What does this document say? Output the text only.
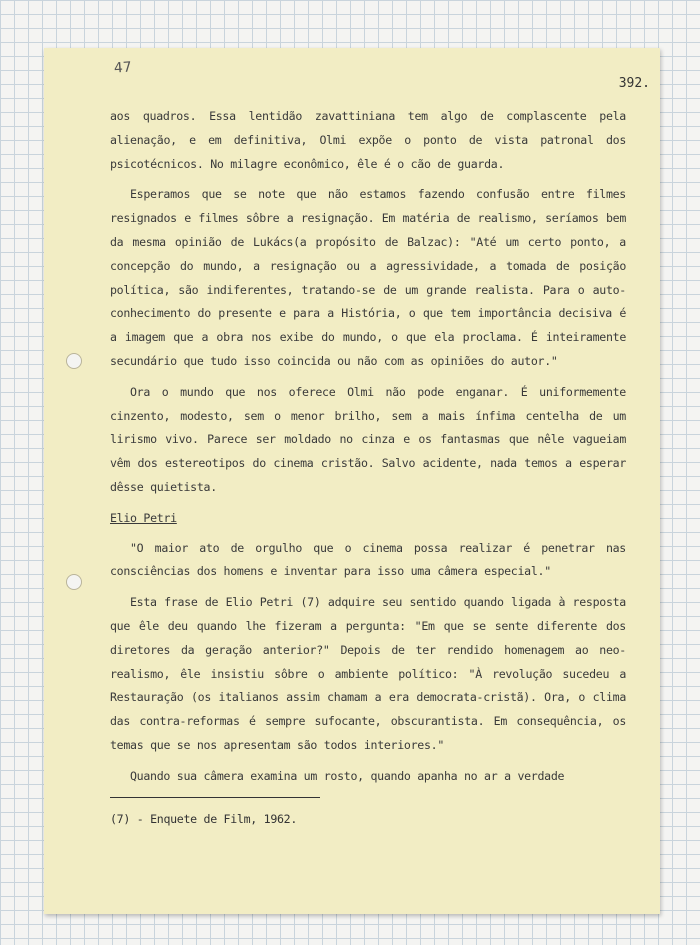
47
392.

aos quadros. Essa lentidão zavattiniana tem algo de complascente pela alienação, e em definitiva, Olmi expõe o ponto de vista patronal dos psicotécnicos. No milagre econômico, êle é o cão de guarda.

Esperamos que se note que não estamos fazendo confusão entre filmes resignados e filmes sôbre a resignação. Em matéria de realismo, seríamos bem da mesma opinião de Lukács(a propósito de Balzac): "Até um certo ponto, a concepção do mundo, a resignação ou a agressividade, a tomada de posição política, são indiferentes, tratando-se de um grande realista. Para o auto-conhecimento do presente e para a História, o que tem importância decisiva é a imagem que a obra nos exibe do mundo, o que ela proclama. É inteiramente secundário que tudo isso coincida ou não com as opiniões do autor."

Ora o mundo que nos oferece Olmi não pode enganar. É uniformemente cinzento, modesto, sem o menor brilho, sem a mais ínfima centelha de um lirismo vivo. Parece ser moldado no cinza e os fantasmas que nêle vagueiam vêm dos estereotipos do cinema cristão. Salvo acidente, nada temos a esperar dêsse quietista.

Elio Petri

"O maior ato de orgulho que o cinema possa realizar é penetrar nas consciências dos homens e inventar para isso uma câmera especial."

Esta frase de Elio Petri (7) adquire seu sentido quando ligada à resposta que êle deu quando lhe fizeram a pergunta: "Em que se sente diferente dos diretores da geração anterior?" Depois de ter rendido homenagem ao neo-realismo, êle insistiu sôbre o ambiente político: "À revolução sucedeu a Restauração (os italianos assim chamam a era democrata-cristã). Ora, o clima das contra-reformas é sempre sufocante, obscurantista. Em consequência, os temas que se nos apresentam são todos interiores."

Quando sua câmera examina um rosto, quando apanha no ar a verdade

(7) - Enquete de Film, 1962.
